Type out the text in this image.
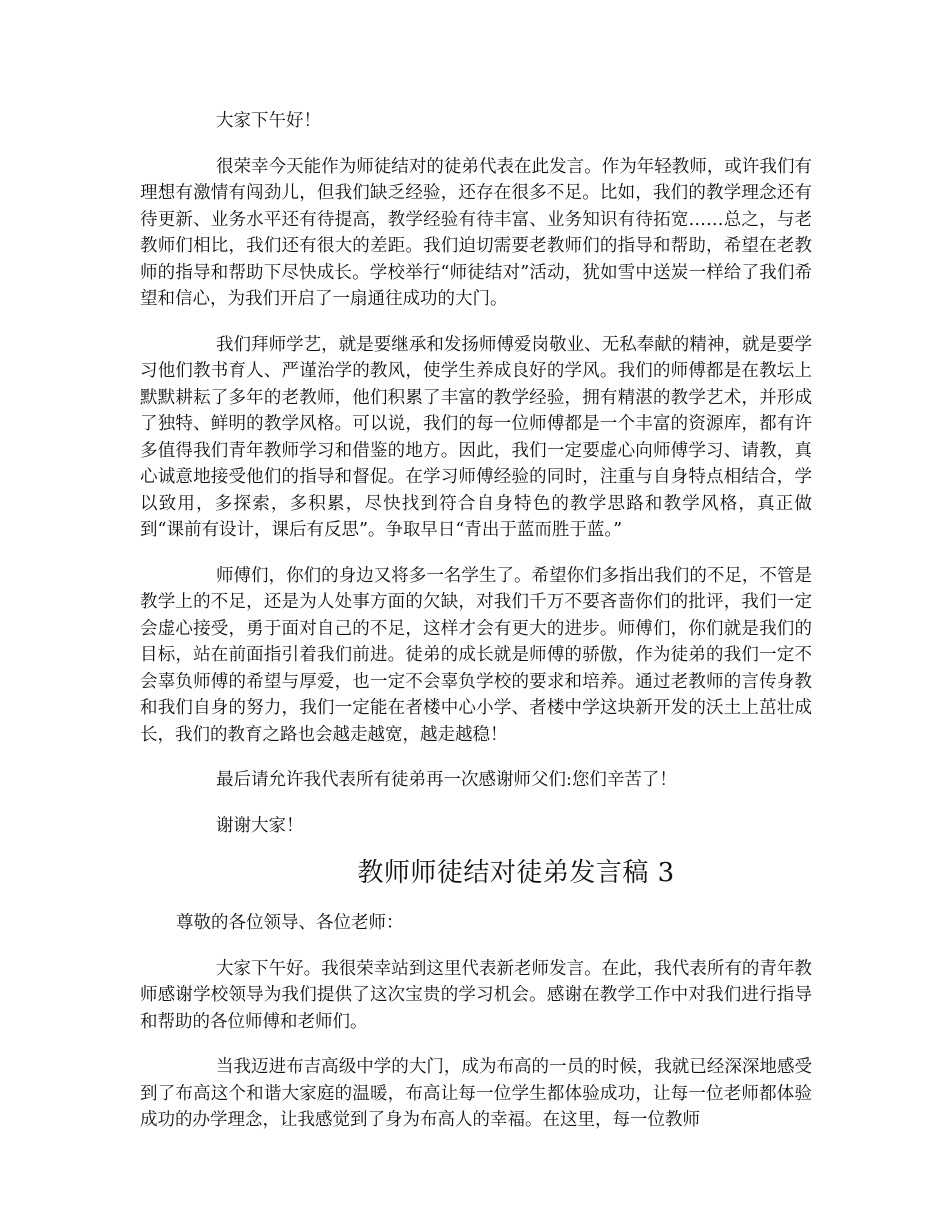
大家下午好！

很荣幸今天能作为师徒结对的徒弟代表在此发言。作为年轻教师，或许我们有理想有激情有闯劲儿，但我们缺乏经验，还存在很多不足。比如，我们的教学理念还有待更新、业务水平还有待提高，教学经验有待丰富、业务知识有待拓宽……总之，与老教师们相比，我们还有很大的差距。我们迫切需要老教师们的指导和帮助，希望在老教师的指导和帮助下尽快成长。学校举行“师徒结对”活动，犹如雪中送炭一样给了我们希望和信心，为我们开启了一扇通往成功的大门。

我们拜师学艺，就是要继承和发扬师傅爱岗敬业、无私奉献的精神，就是要学习他们教书育人、严谨治学的教风，使学生养成良好的学风。我们的师傅都是在教坛上默默耕耘了多年的老教师，他们积累了丰富的教学经验，拥有精湛的教学艺术，并形成了独特、鲜明的教学风格。可以说，我们的每一位师傅都是一个丰富的资源库，都有许多值得我们青年教师学习和借鉴的地方。因此，我们一定要虚心向师傅学习、请教，真心诚意地接受他们的指导和督促。在学习师傅经验的同时，注重与自身特点相结合，学以致用，多探索，多积累，尽快找到符合自身特色的教学思路和教学风格，真正做到“课前有设计，课后有反思”。争取早日“青出于蓝而胜于蓝。”

师傅们，你们的身边又将多一名学生了。希望你们多指出我们的不足，不管是教学上的不足，还是为人处事方面的欠缺，对我们千万不要吝啬你们的批评，我们一定会虚心接受，勇于面对自己的不足，这样才会有更大的进步。师傅们，你们就是我们的目标，站在前面指引着我们前进。徒弟的成长就是师傅的骄傲，作为徒弟的我们一定不会辜负师傅的希望与厚爱，也一定不会辜负学校的要求和培养。通过老教师的言传身教和我们自身的努力，我们一定能在者楼中心小学、者楼中学这块新开发的沃土上茁壮成长，我们的教育之路也会越走越宽，越走越稳！

最后请允许我代表所有徒弟再一次感谢师父们:您们辛苦了！

谢谢大家！

教师师徒结对徒弟发言稿 3

尊敬的各位领导、各位老师：

大家下午好。我很荣幸站到这里代表新老师发言。在此，我代表所有的青年教师感谢学校领导为我们提供了这次宝贵的学习机会。感谢在教学工作中对我们进行指导和帮助的各位师傅和老师们。

当我迈进布吉高级中学的大门，成为布高的一员的时候，我就已经深深地感受到了布高这个和谐大家庭的温暖，布高让每一位学生都体验成功，让每一位老师都体验成功的办学理念，让我感觉到了身为布高人的幸福。在这里，每一位教师
